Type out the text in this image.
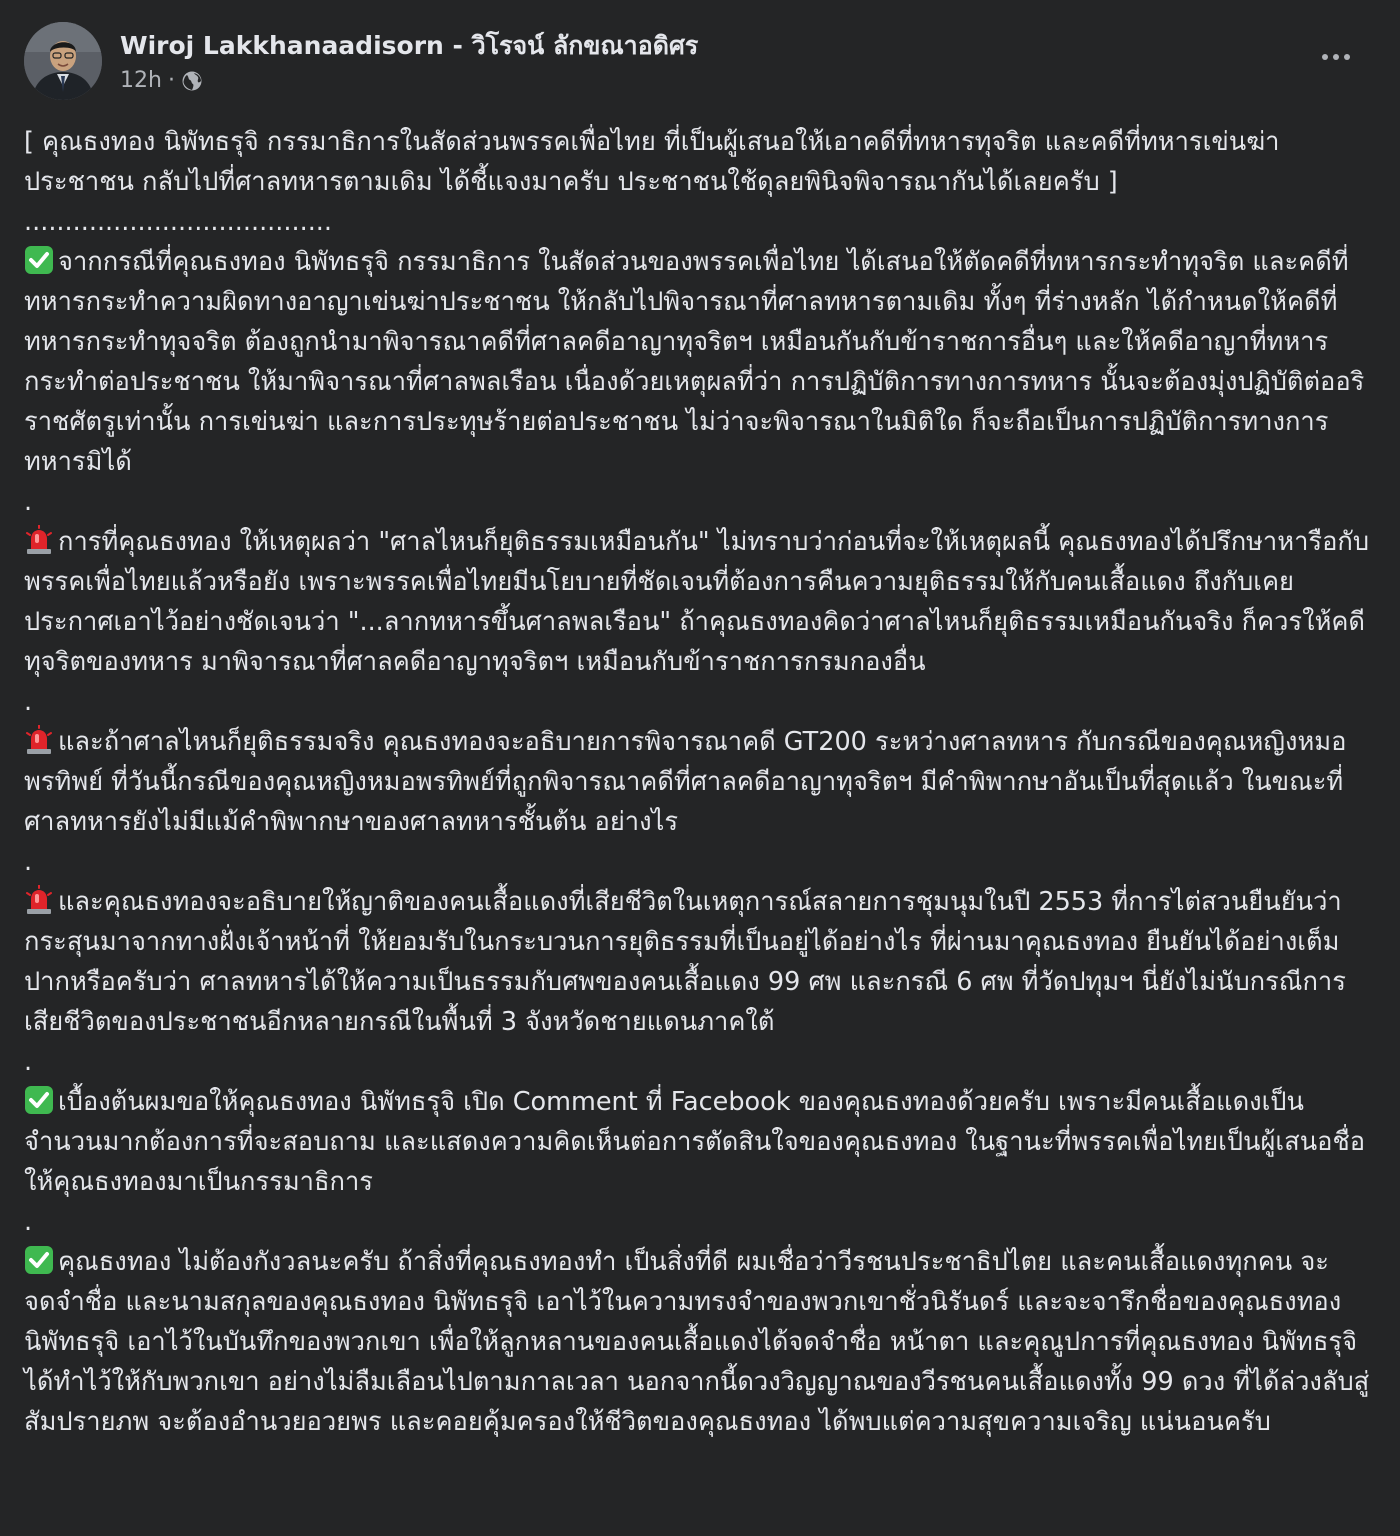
Wiroj Lakkhanaadisorn - วิโรจน์ ลักขณาอดิศร
12h ·

[ คุณธงทอง นิพัทธรุจิ กรรมาธิการในสัดส่วนพรรคเพื่อไทย ที่เป็นผู้เสนอให้เอาคดีที่ทหารทุจริต และคดีที่ทหารเข่นฆ่าประชาชน กลับไปที่ศาลทหารตามเดิม ได้ชี้แจงมาครับ ประชาชนใช้ดุลยพินิจพิจารณากันได้เลยครับ ]

......................................

จากกรณีที่คุณธงทอง นิพัทธรุจิ กรรมาธิการ ในสัดส่วนของพรรคเพื่อไทย ได้เสนอให้ตัดคดีที่ทหารกระทำทุจริต และคดีที่ทหารกระทำความผิดทางอาญาเข่นฆ่าประชาชน ให้กลับไปพิจารณาที่ศาลทหารตามเดิม ทั้งๆ ที่ร่างหลัก ได้กำหนดให้คดีที่ทหารกระทำทุจจริต ต้องถูกนำมาพิจารณาคดีที่ศาลคดีอาญาทุจริตฯ เหมือนกันกับข้าราชการอื่นๆ และให้คดีอาญาที่ทหารกระทำต่อประชาชน ให้มาพิจารณาที่ศาลพลเรือน เนื่องด้วยเหตุผลที่ว่า การปฏิบัติการทางการทหาร นั้นจะต้องมุ่งปฏิบัติต่ออริราชศัตรูเท่านั้น การเข่นฆ่า และการประทุษร้ายต่อประชาชน ไม่ว่าจะพิจารณาในมิติใด ก็จะถือเป็นการปฏิบัติการทางการทหารมิได้

.

การที่คุณธงทอง ให้เหตุผลว่า "ศาลไหนก็ยุติธรรมเหมือนกัน" ไม่ทราบว่าก่อนที่จะให้เหตุผลนี้ คุณธงทองได้ปรึกษาหารือกับพรรคเพื่อไทยแล้วหรือยัง เพราะพรรคเพื่อไทยมีนโยบายที่ชัดเจนที่ต้องการคืนความยุติธรรมให้กับคนเสื้อแดง ถึงกับเคยประกาศเอาไว้อย่างชัดเจนว่า "...ลากทหารขึ้นศาลพลเรือน" ถ้าคุณธงทองคิดว่าศาลไหนก็ยุติธรรมเหมือนกันจริง ก็ควรให้คดีทุจริตของทหาร มาพิจารณาที่ศาลคดีอาญาทุจริตฯ เหมือนกับข้าราชการกรมกองอื่น

.

และถ้าศาลไหนก็ยุติธรรมจริง คุณธงทองจะอธิบายการพิจารณาคดี GT200 ระหว่างศาลทหาร กับกรณีของคุณหญิงหมอพรทิพย์ ที่วันนี้กรณีของคุณหญิงหมอพรทิพย์ที่ถูกพิจารณาคดีที่ศาลคดีอาญาทุจริตฯ มีคำพิพากษาอันเป็นที่สุดแล้ว ในขณะที่ศาลทหารยังไม่มีแม้คำพิพากษาของศาลทหารชั้นต้น อย่างไร

.

และคุณธงทองจะอธิบายให้ญาติของคนเสื้อแดงที่เสียชีวิตในเหตุการณ์สลายการชุมนุมในปี 2553 ที่การไต่สวนยืนยันว่ากระสุนมาจากทางฝั่งเจ้าหน้าที่ ให้ยอมรับในกระบวนการยุติธรรมที่เป็นอยู่ได้อย่างไร ที่ผ่านมาคุณธงทอง ยืนยันได้อย่างเต็มปากหรือครับว่า ศาลทหารได้ให้ความเป็นธรรมกับศพของคนเสื้อแดง 99 ศพ และกรณี 6 ศพ ที่วัดปทุมฯ นี่ยังไม่นับกรณีการเสียชีวิตของประชาชนอีกหลายกรณีในพื้นที่ 3 จังหวัดชายแดนภาคใต้

.

เบื้องต้นผมขอให้คุณธงทอง นิพัทธรุจิ เปิด Comment ที่ Facebook ของคุณธงทองด้วยครับ เพราะมีคนเสื้อแดงเป็นจำนวนมากต้องการที่จะสอบถาม และแสดงความคิดเห็นต่อการตัดสินใจของคุณธงทอง ในฐานะที่พรรคเพื่อไทยเป็นผู้เสนอชื่อให้คุณธงทองมาเป็นกรรมาธิการ

.

คุณธงทอง ไม่ต้องกังวลนะครับ ถ้าสิ่งที่คุณธงทองทำ เป็นสิ่งที่ดี ผมเชื่อว่าวีรชนประชาธิปไตย และคนเสื้อแดงทุกคน จะจดจำชื่อ และนามสกุลของคุณธงทอง นิพัทธรุจิ เอาไว้ในความทรงจำของพวกเขาชั่วนิรันดร์ และจะจารึกชื่อของคุณธงทอง นิพัทธรุจิ เอาไว้ในบันทึกของพวกเขา เพื่อให้ลูกหลานของคนเสื้อแดงได้จดจำชื่อ หน้าตา และคุณูปการที่คุณธงทอง นิพัทธรุจิ ได้ทำไว้ให้กับพวกเขา อย่างไม่ลืมเลือนไปตามกาลเวลา นอกจากนี้ดวงวิญญาณของวีรชนคนเสื้อแดงทั้ง 99 ดวง ที่ได้ล่วงลับสู่สัมปรายภพ จะต้องอำนวยอวยพร และคอยคุ้มครองให้ชีวิตของคุณธงทอง ได้พบแต่ความสุขความเจริญ แน่นอนครับ
